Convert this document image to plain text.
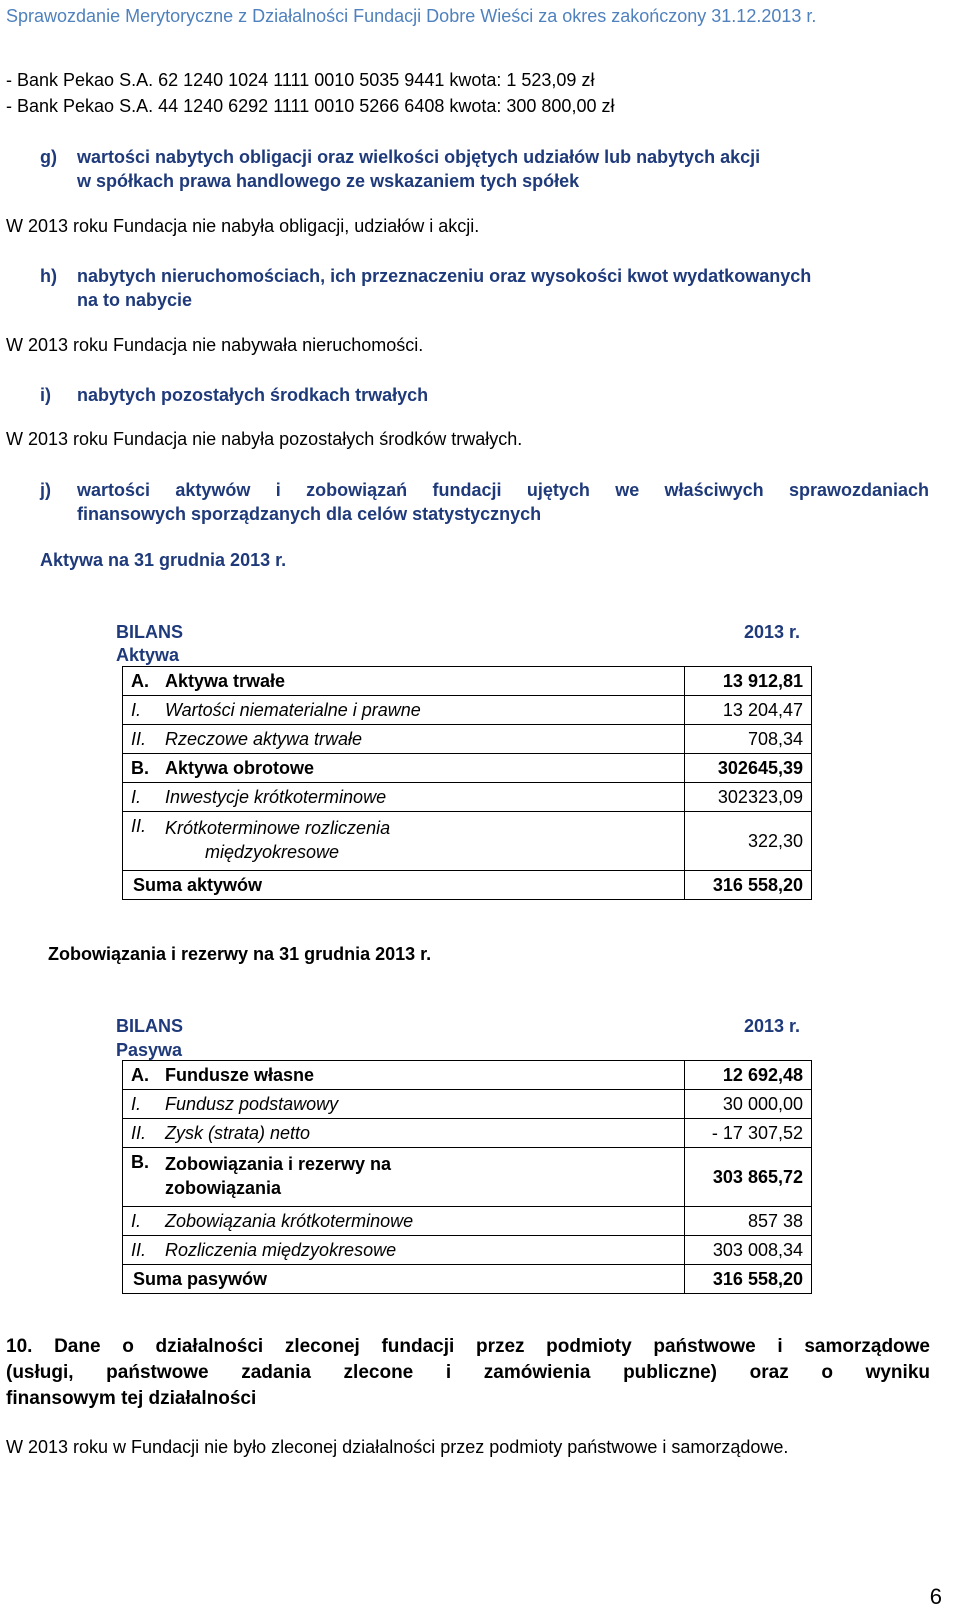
Sprawozdanie Merytoryczne z Działalności Fundacji Dobre Wieści za okres zakończony 31.12.2013 r.
- Bank Pekao S.A. 62 1240 1024 1111 0010 5035 9441 kwota: 1 523,09 zł
- Bank Pekao S.A. 44 1240 6292 1111 0010 5266 6408 kwota: 300 800,00 zł
g) wartości nabytych obligacji oraz wielkości objętych udziałów lub nabytych akcji
w spółkach prawa handlowego ze wskazaniem tych spółek
W 2013 roku Fundacja nie nabyła obligacji, udziałów i akcji.
h) nabytych nieruchomościach, ich przeznaczeniu oraz wysokości kwot wydatkowanych
na to nabycie
W 2013 roku Fundacja nie nabywała nieruchomości.
i) nabytych pozostałych środkach trwałych
W 2013 roku Fundacja nie nabyła pozostałych środków trwałych.
j) wartości aktywów i zobowiązań fundacji ujętych we właściwych sprawozdaniach
finansowych sporządzanych dla celów statystycznych
Aktywa na 31 grudnia 2013 r.
BILANS
Aktywa
2013 r.
A.	Aktywa trwałe	13 912,81
I.	Wartości niematerialne i prawne	13 204,47
II.	Rzeczowe aktywa trwałe	708,34
B.	Aktywa obrotowe	302645,39
I.	Inwestycje krótkoterminowe	302323,09
II.	Krótkoterminowe rozliczenia
międzyokresowe	322,30
Suma aktywów		316 558,20
Zobowiązania i rezerwy na 31 grudnia 2013 r.
BILANS
Pasywa
2013 r.
A.	Fundusze własne	12 692,48
I.	Fundusz podstawowy	30 000,00
II.	Zysk (strata) netto	- 17 307,52
B.	Zobowiązania i rezerwy na
zobowiązania	303 865,72
I.	Zobowiązania krótkoterminowe	857 38
II.	Rozliczenia międzyokresowe	303 008,34
Suma pasywów		316 558,20
10. Dane o działalności zleconej fundacji przez podmioty państwowe i samorządowe
(usługi, państwowe zadania zlecone i zamówienia publiczne) oraz o wyniku
finansowym tej działalności
W 2013 roku w Fundacji nie było zleconej działalności przez podmioty państwowe i samorządowe.
6
